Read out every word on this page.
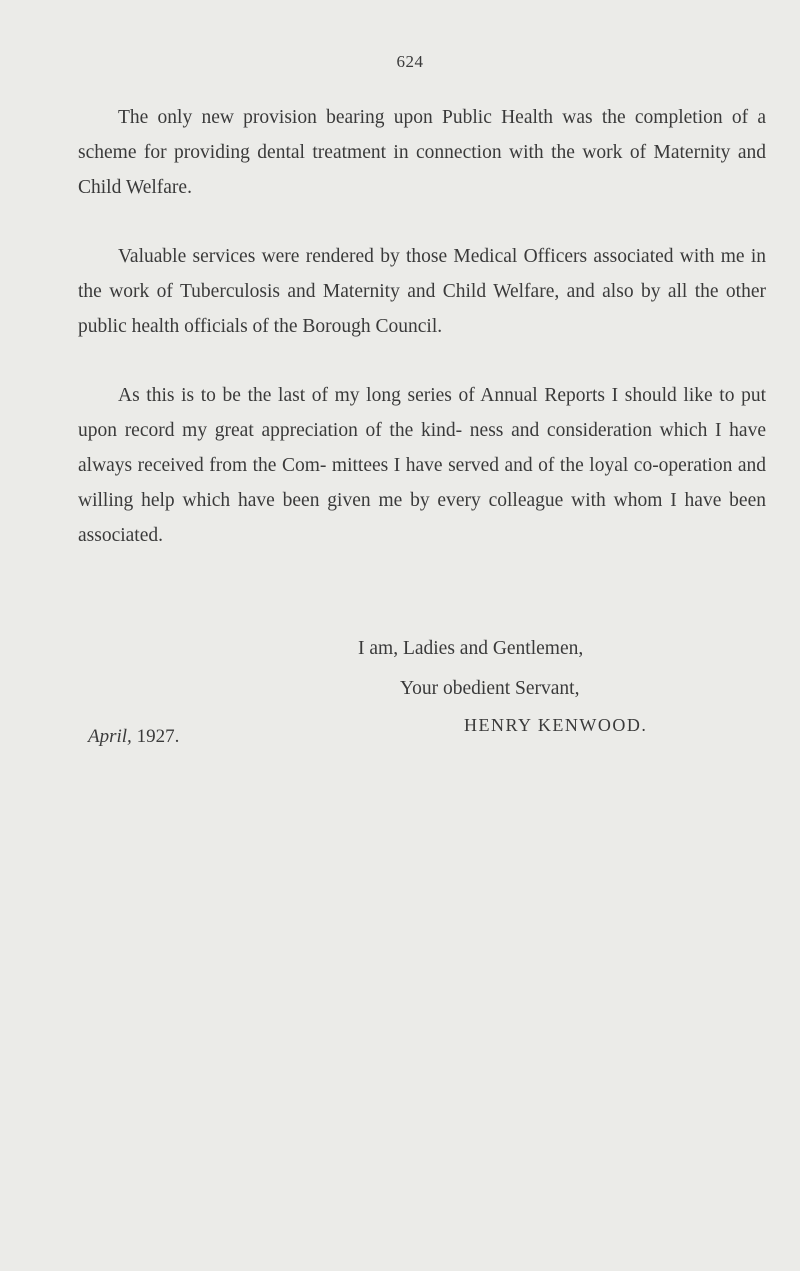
624

The only new provision bearing upon Public Health was the completion of a scheme for providing dental treatment in connection with the work of Maternity and Child Welfare.

Valuable services were rendered by those Medical Officers associated with me in the work of Tuberculosis and Maternity and Child Welfare, and also by all the other public health officials of the Borough Council.

As this is to be the last of my long series of Annual Reports I should like to put upon record my great appreciation of the kind- ness and consideration which I have always received from the Com- mittees I have served and of the loyal co-operation and willing help which have been given me by every colleague with whom I have been associated.

I am, Ladies and Gentlemen,
Your obedient Servant,
HENRY KENWOOD.
April, 1927.
